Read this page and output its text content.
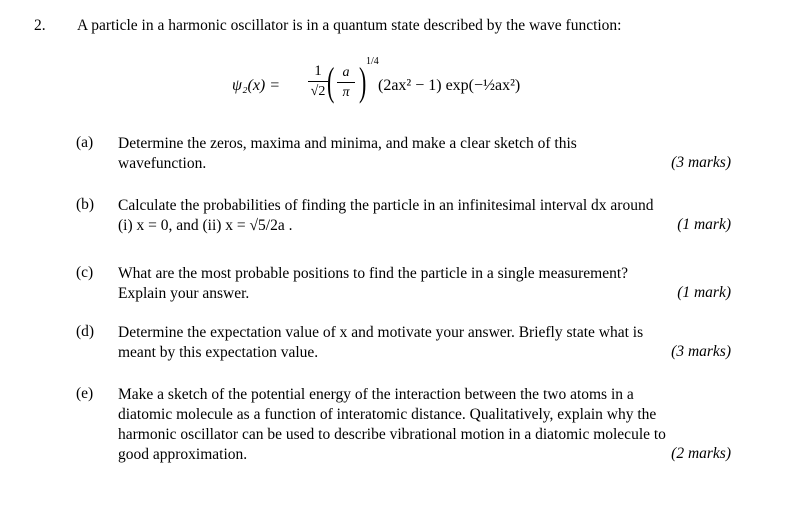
2. A particle in a harmonic oscillator is in a quantum state described by the wave function:
ψ₂(x) =
1
√2 ( a
π ) 1/4
(2ax² − 1) exp(−½ax²)
(a) Determine the zeros, maxima and minima, and make a clear sketch of this
wavefunction.	(3 marks)
(b) Calculate the probabilities of finding the particle in an infinitesimal interval dx around
(i) x = 0, and (ii) x = √5/2a .	(1 mark)
(c) What are the most probable positions to find the particle in a single measurement?
Explain your answer.	(1 mark)
(d) Determine the expectation value of x and motivate your answer. Briefly state what is
meant by this expectation value.	(3 marks)
(e) Make a sketch of the potential energy of the interaction between the two atoms in a
diatomic molecule as a function of interatomic distance. Qualitatively, explain why the
harmonic oscillator can be used to describe vibrational motion in a diatomic molecule to
good approximation.	(2 marks)
